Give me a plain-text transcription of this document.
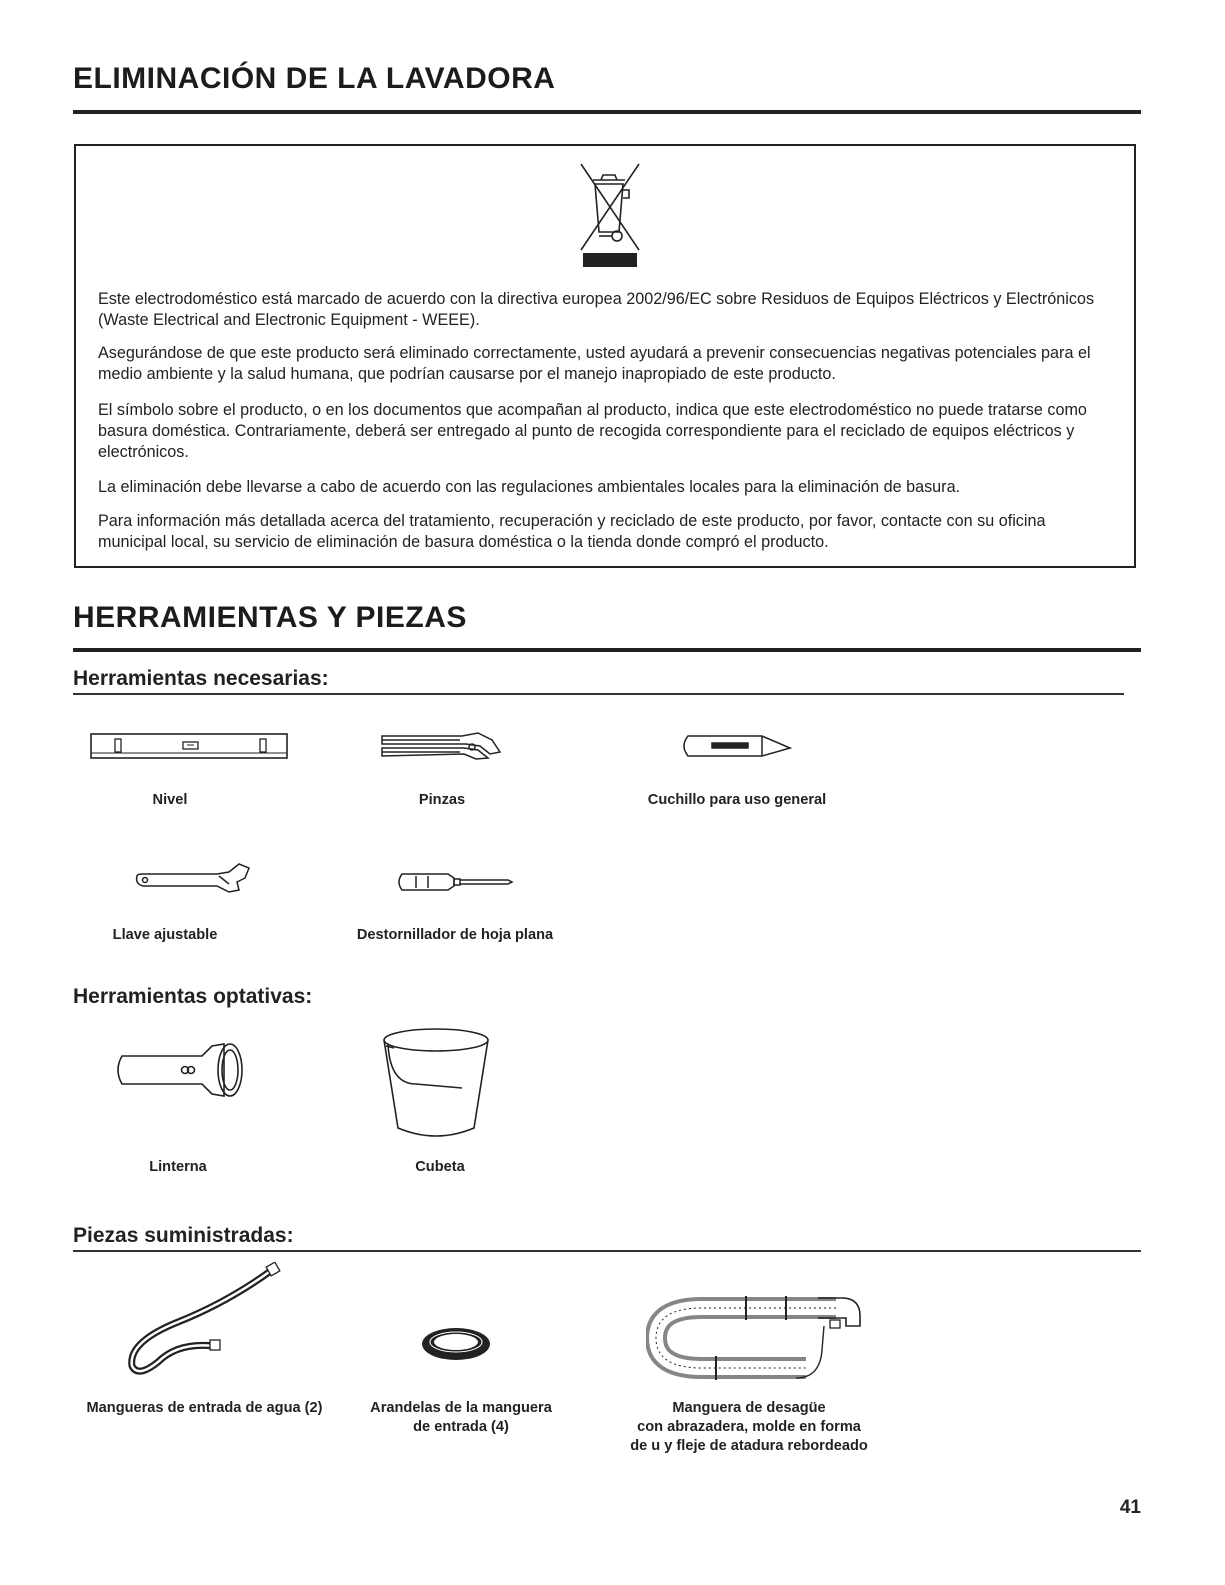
ELIMINACIÓN DE LA LAVADORA

Este electrodoméstico está marcado de acuerdo con la directiva europea 2002/96/EC sobre Residuos de Equipos Eléctricos y Electrónicos (Waste Electrical and Electronic Equipment - WEEE).

Asegurándose de que este producto será eliminado correctamente, usted ayudará a prevenir consecuencias negativas potenciales para el medio ambiente y la salud humana, que podrían causarse por el manejo inapropiado de este producto.

El símbolo sobre el producto, o en los documentos que acompañan al producto, indica que este electrodoméstico no puede tratarse como basura doméstica. Contrariamente, deberá ser entregado al punto de recogida correspondiente para el reciclado de equipos eléctricos y electrónicos.

La eliminación debe llevarse a cabo de acuerdo con las regulaciones ambientales locales para la eliminación de basura.

Para información más detallada acerca del tratamiento, recuperación y reciclado de este producto, por favor, contacte con su oficina municipal local, su servicio de eliminación de basura doméstica o la tienda donde compró el producto.

HERRAMIENTAS Y PIEZAS
Herramientas necesarias:
Nivel	Pinzas	Cuchillo para uso general
Llave ajustable	Destornillador de hoja plana
Herramientas optativas:
Linterna	Cubeta
Piezas suministradas:
Mangueras de entrada de agua (2)	Arandelas de la manguera
de entrada (4)
Manguera de desagüe
con abrazadera, molde en forma
de u y fleje de atadura rebordeado
41
